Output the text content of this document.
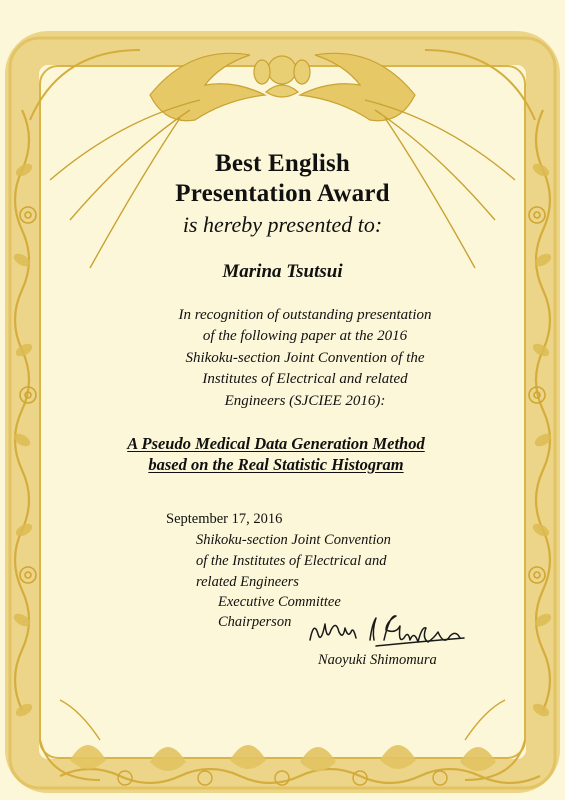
Best English
Presentation Award
is hereby presented to:
Marina Tsutsui
In recognition of outstanding presentation
of the following paper at the 2016
Shikoku-section Joint Convention of the
Institutes of Electrical and related
Engineers (SJCIEE 2016):
A Pseudo Medical Data Generation Method
based on the Real Statistic Histogram
September 17, 2016
Shikoku-section Joint Convention
of the Institutes of Electrical and
related Engineers
Executive Committee
Chairperson
Naoyuki Shimomura
